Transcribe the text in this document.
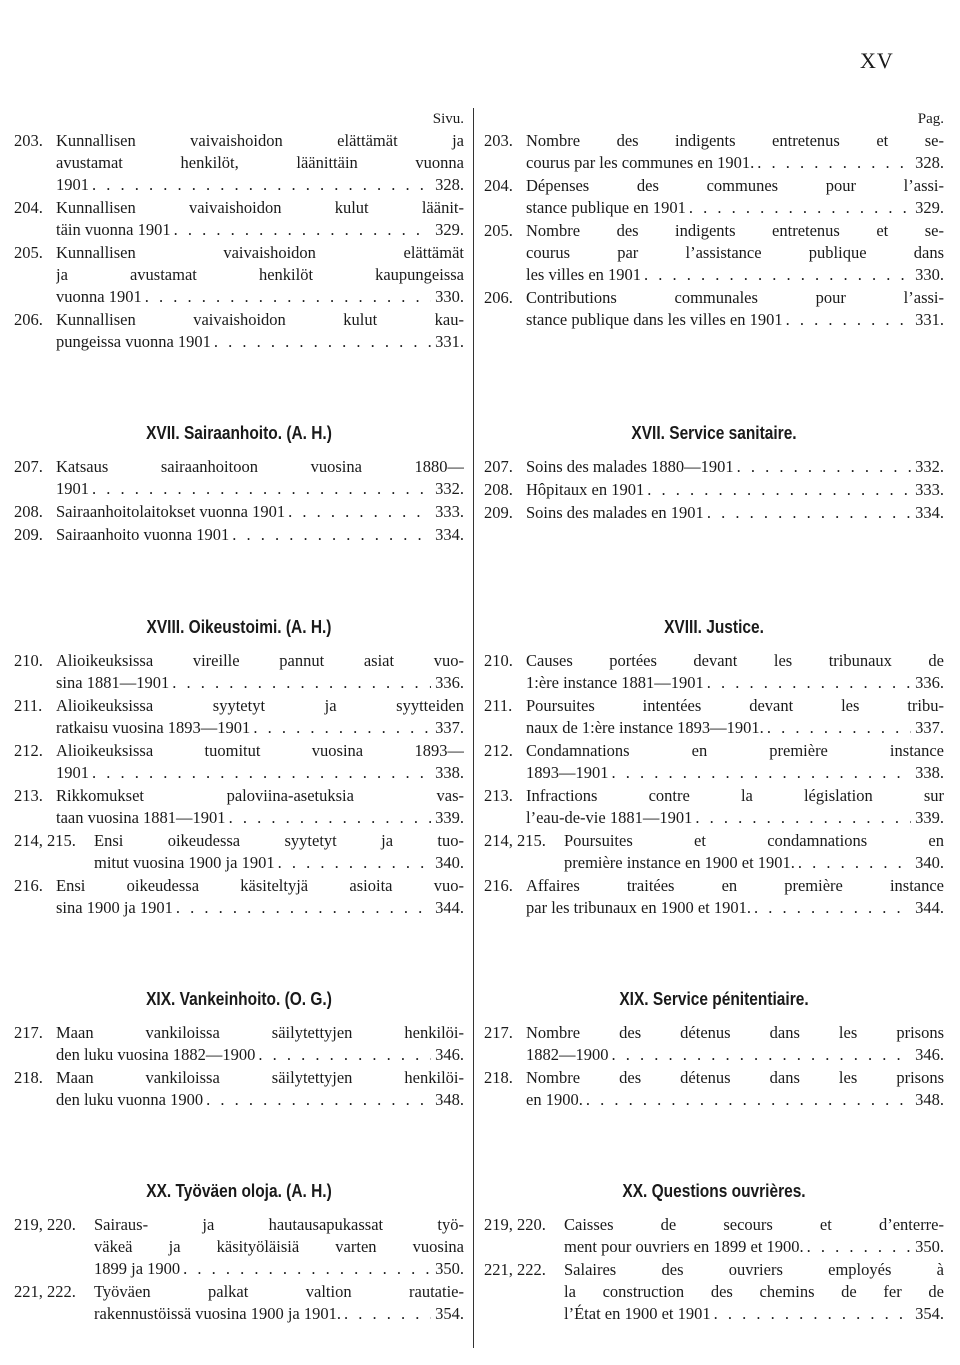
XV
Sivu.
203. Kunnallisen vaivaishoidon elättämät ja
avustamat henkilöt, läänittäin vuonna
1901 . . .	328.
204. Kunnallisen vaivaishoidon kulut läänit-
täin vuonna 1901 . . .	329.
205. Kunnallisen vaivaishoidon elättämät
ja avustamat henkilöt kaupungeissa
vuonna 1901 . . .	330.
206. Kunnallisen vaivaishoidon kulut kau-
pungeissa vuonna 1901 . . .	331.
Pag.
203. Nombre des indigents entretenus et se-
courus par les communes en 1901. . . .	328.
204. Dépenses des communes pour l’assi-
stance publique en 1901 . . .	329.
205. Nombre des indigents entretenus et se-
courus par l’assistance publique dans
les villes en 1901 . . .	330.
206. Contributions communales pour l’assi-
stance publique dans les villes en 1901 . . .	331.
XVII. Sairaanhoito. (A. H.)
207. Katsaus sairaanhoitoon vuosina 1880—
1901 . . .	332.
208. Sairaanhoitolaitokset vuonna 1901 . . .	333.
209. Sairaanhoito vuonna 1901 . . .	334.
XVII. Service sanitaire.
207. Soins des malades 1880—1901 . . .	332.
208. Hôpitaux en 1901 . . .	333.
209. Soins des malades en 1901 . . .	334.
XVIII. Oikeustoimi. (A. H.)
210. Alioikeuksissa vireille pannut asiat vuo-
sina 1881—1901 . . .	336.
211. Alioikeuksissa syytetyt ja syytteiden
ratkaisu vuosina 1893—1901 . . .	337.
212. Alioikeuksissa tuomitut vuosina 1893—
1901 . . .	338.
213. Rikkomukset paloviina-asetuksia vas-
taan vuosina 1881—1901 . . .	339.
214, 215. Ensi oikeudessa syytetyt ja tuo-
mitut vuosina 1900 ja 1901 . . .	340.
216. Ensi oikeudessa käsiteltyjä asioita vuo-
sina 1900 ja 1901 . . .	344.
XVIII. Justice.
210. Causes portées devant les tribunaux de
1:ère instance 1881—1901 . . .	336.
211. Poursuites intentées devant les tribu-
naux de 1:ère instance 1893—1901. . . .	337.
212. Condamnations en première instance
1893—1901 . . .	338.
213. Infractions contre la législation sur
l’eau-de-vie 1881—1901 . . .	339.
214, 215. Poursuites et condamnations en
première instance en 1900 et 1901. . . .	340.
216. Affaires traitées en première instance
par les tribunaux en 1900 et 1901. . . .	344.
XIX. Vankeinhoito. (O. G.)
217. Maan vankiloissa säilytettyjen henkilöi-
den luku vuosina 1882—1900 . . .	346.
218. Maan vankiloissa säilytettyjen henkilöi-
den luku vuonna 1900 . . .	348.
XIX. Service pénitentiaire.
217. Nombre des détenus dans les prisons
1882—1900 . . .	346.
218. Nombre des détenus dans les prisons
en 1900. . . .	348.
XX. Työväen oloja. (A. H.)
219, 220. Sairaus- ja hautausapukassat työ-
väkeä ja käsityöläisiä varten vuosina
1899 ja 1900 . . .	350.
221, 222. Työväen palkat valtion rautatie-
rakennustöissä vuosina 1900 ja 1901. . . .	354.
XX. Questions ouvrières.
219, 220. Caisses de secours et d’enterre-
ment pour ouvriers en 1899 et 1900. . . .	350.
221, 222. Salaires des ouvriers employés à
la construction des chemins de fer de
l’État en 1900 et 1901 . . .	354.
